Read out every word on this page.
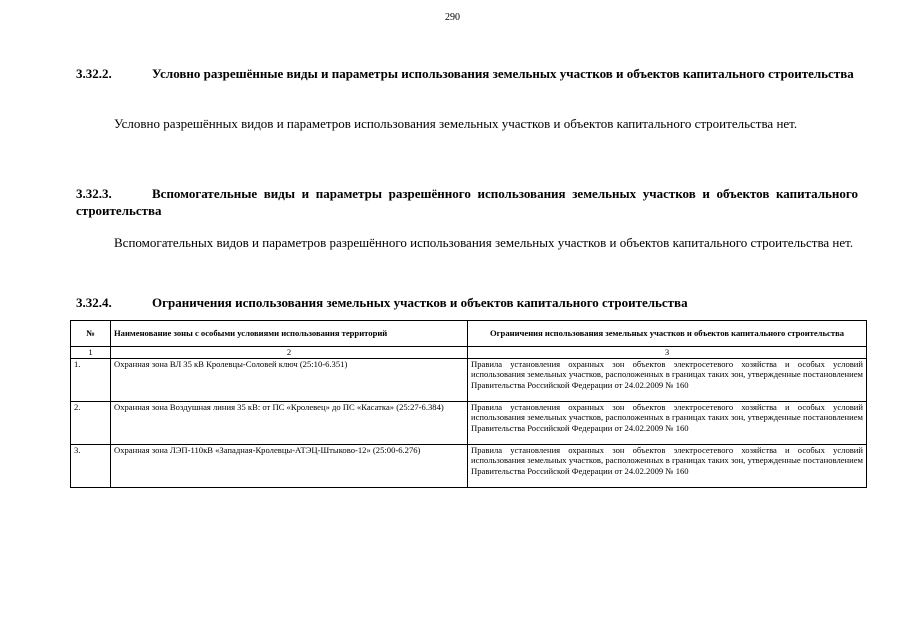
290
3.32.2.	Условно разрешённые виды и параметры использования земельных участков и объектов капитального строительства
Условно разрешённых видов и параметров использования земельных участков и объектов капитального строительства нет.
3.32.3.	Вспомогательные виды и параметры разрешённого использования земельных участков и объектов капитального строительства
Вспомогательных видов и параметров разрешённого использования земельных участков и объектов капитального строительства нет.
3.32.4.	Ограничения использования земельных участков и объектов капитального строительства
№	Наименование зоны с особыми условиями использования территорий	Ограничения использования земельных участков и объектов капитального строительства
1	2	3
1.	Охранная зона ВЛ 35 кВ Кролевцы-Соловей ключ (25:10-6.351)	Правила установления охранных зон объектов электросетевого хозяйства и особых условий использования земельных участков, расположенных в границах таких зон, утвержденные постановлением Правительства Российской Федерации от 24.02.2009 № 160
2.	Охранная зона Воздушная линия 35 кВ: от ПС «Кролевец» до ПС «Касатка» (25:27-6.384)	Правила установления охранных зон объектов электросетевого хозяйства и особых условий использования земельных участков, расположенных в границах таких зон, утвержденные постановлением Правительства Российской Федерации от 24.02.2009 № 160
3.	Охранная зона ЛЭП-110кВ «Западная-Кролевцы-АТЭЦ-Штыково-12» (25:00-6.276)	Правила установления охранных зон объектов электросетевого хозяйства и особых условий использования земельных участков, расположенных в границах таких зон, утвержденные постановлением Правительства Российской Федерации от 24.02.2009 № 160
